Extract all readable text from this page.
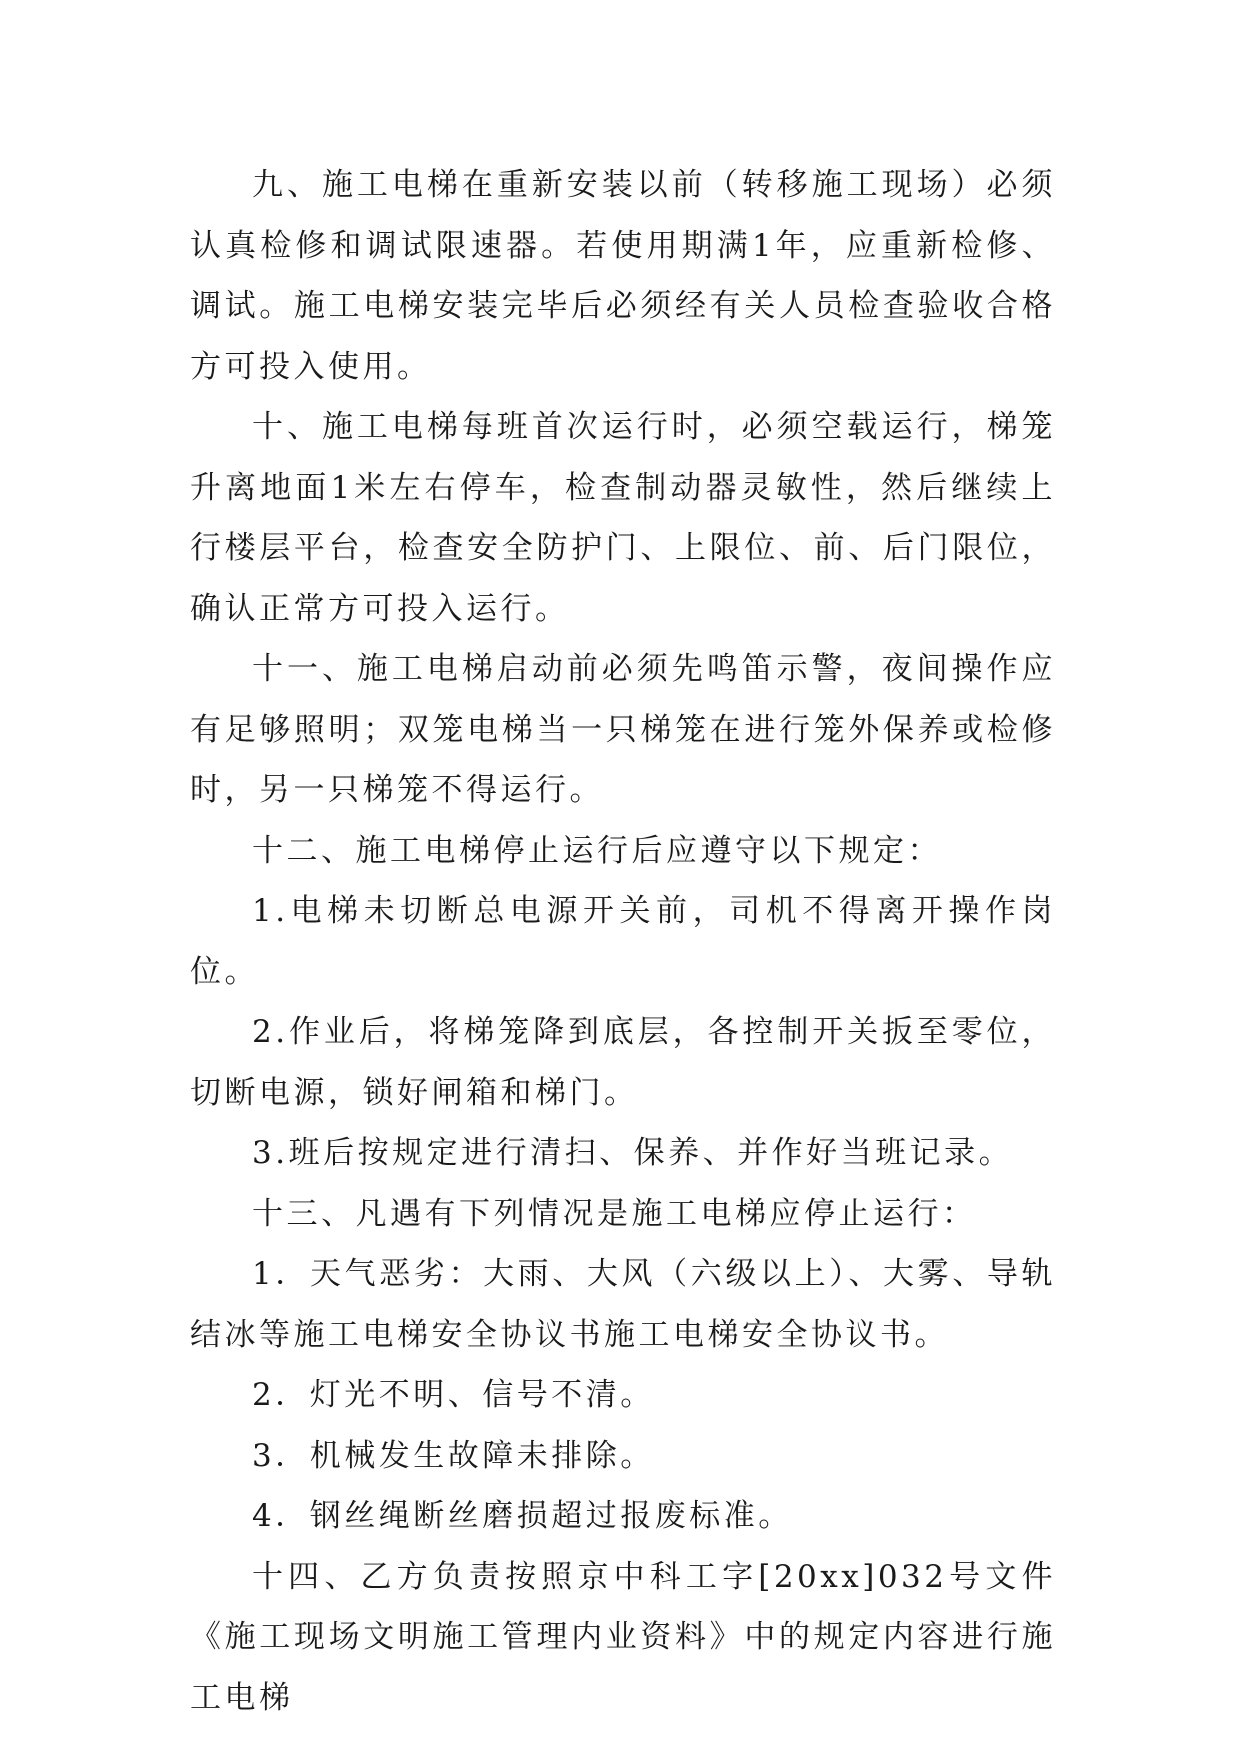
九、施工电梯在重新安装以前（转移施工现场）必须认真检修和调试限速器。若使用期满1年，应重新检修、调试。施工电梯安装完毕后必须经有关人员检查验收合格方可投入使用。

十、施工电梯每班首次运行时，必须空载运行，梯笼升离地面1米左右停车，检查制动器灵敏性，然后继续上行楼层平台，检查安全防护门、上限位、前、后门限位，确认正常方可投入运行。

十一、施工电梯启动前必须先鸣笛示警，夜间操作应有足够照明；双笼电梯当一只梯笼在进行笼外保养或检修时，另一只梯笼不得运行。

十二、施工电梯停止运行后应遵守以下规定：

1.电梯未切断总电源开关前，司机不得离开操作岗位。

2.作业后，将梯笼降到底层，各控制开关扳至零位，切断电源，锁好闸箱和梯门。

3.班后按规定进行清扫、保养、并作好当班记录。

十三、凡遇有下列情况是施工电梯应停止运行：

1．天气恶劣：大雨、大风（六级以上）、大雾、导轨结冰等施工电梯安全协议书施工电梯安全协议书。

2．灯光不明、信号不清。

3．机械发生故障未排除。

4．钢丝绳断丝磨损超过报废标准。

十四、乙方负责按照京中科工字[20xx]032号文件《施工现场文明施工管理内业资料》中的规定内容进行施工电梯
